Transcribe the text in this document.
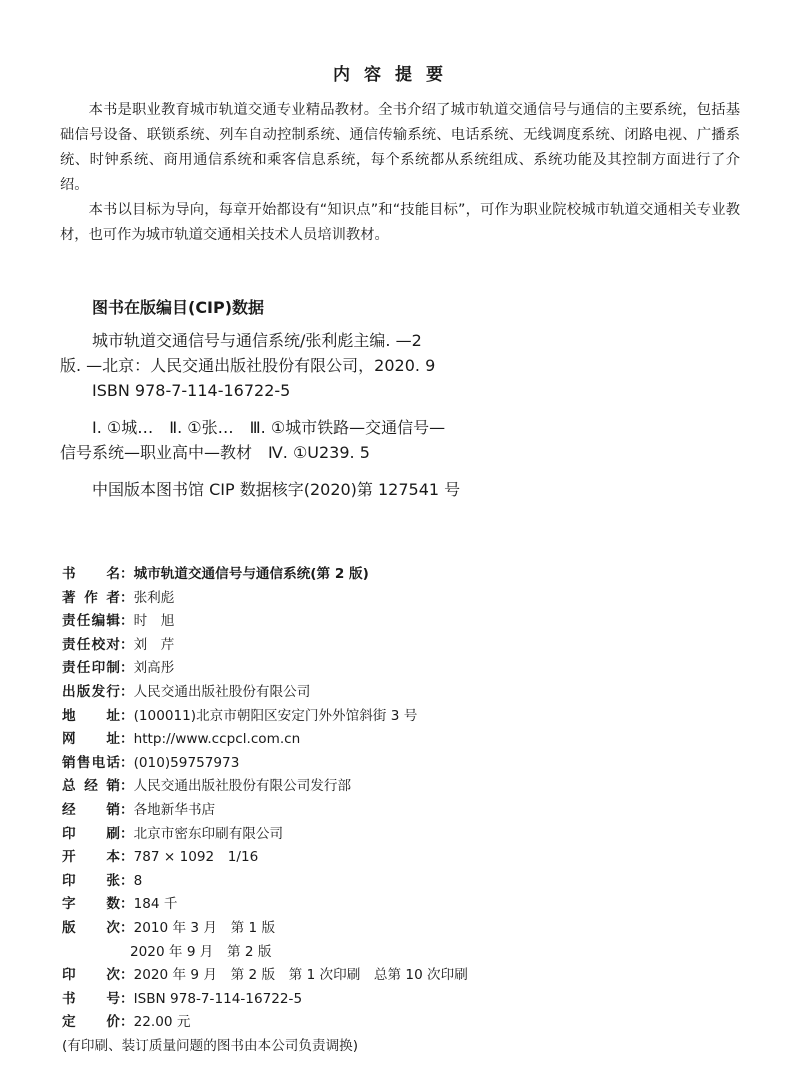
内容提要

本书是职业教育城市轨道交通专业精品教材。全书介绍了城市轨道交通信号与通信的主要系统，包括基础信号设备、联锁系统、列车自动控制系统、通信传输系统、电话系统、无线调度系统、闭路电视、广播系统、时钟系统、商用通信系统和乘客信息系统，每个系统都从系统组成、系统功能及其控制方面进行了介绍。

本书以目标为导向，每章开始都设有“知识点”和“技能目标”，可作为职业院校城市轨道交通相关专业教材，也可作为城市轨道交通相关技术人员培训教材。

图书在版编目(CIP)数据
城市轨道交通信号与通信系统/张利彪主编. —2
版. —北京：人民交通出版社股份有限公司，2020. 9
ISBN 978-7-114-16722-5
Ⅰ. ①城…　Ⅱ. ①张…　Ⅲ. ①城市铁路—交通信号—
信号系统—职业高中—教材　Ⅳ. ①U239. 5
中国版本图书馆 CIP 数据核字(2020)第 127541 号
书 名 ： 城市轨道交通信号与通信系统(第 2 版)
著 作 者 ： 张利彪
责 任 编 辑 ： 时　旭
责 任 校 对 ： 刘　芹
责 任 印 制 ： 刘高彤
出 版 发 行 ： 人民交通出版社股份有限公司
地 址 ： (100011)北京市朝阳区安定门外外馆斜街 3 号
网 址 ： http://www.ccpcl.com.cn
销 售 电 话 ： (010)59757973
总 经 销 ： 人民交通出版社股份有限公司发行部
经 销 ： 各地新华书店
印 刷 ： 北京市密东印刷有限公司
开 本 ： 787 × 1092　1/16
印 张 ： 8
字 数 ： 184 千
版 次 ： 2010 年 3 月　第 1 版
2020 年 9 月　第 2 版
印 次 ： 2020 年 9 月　第 2 版　第 1 次印刷　总第 10 次印刷
书 号 ： ISBN 978-7-114-16722-5
定 价 ： 22.00 元
(有印刷、装订质量问题的图书由本公司负责调换)
